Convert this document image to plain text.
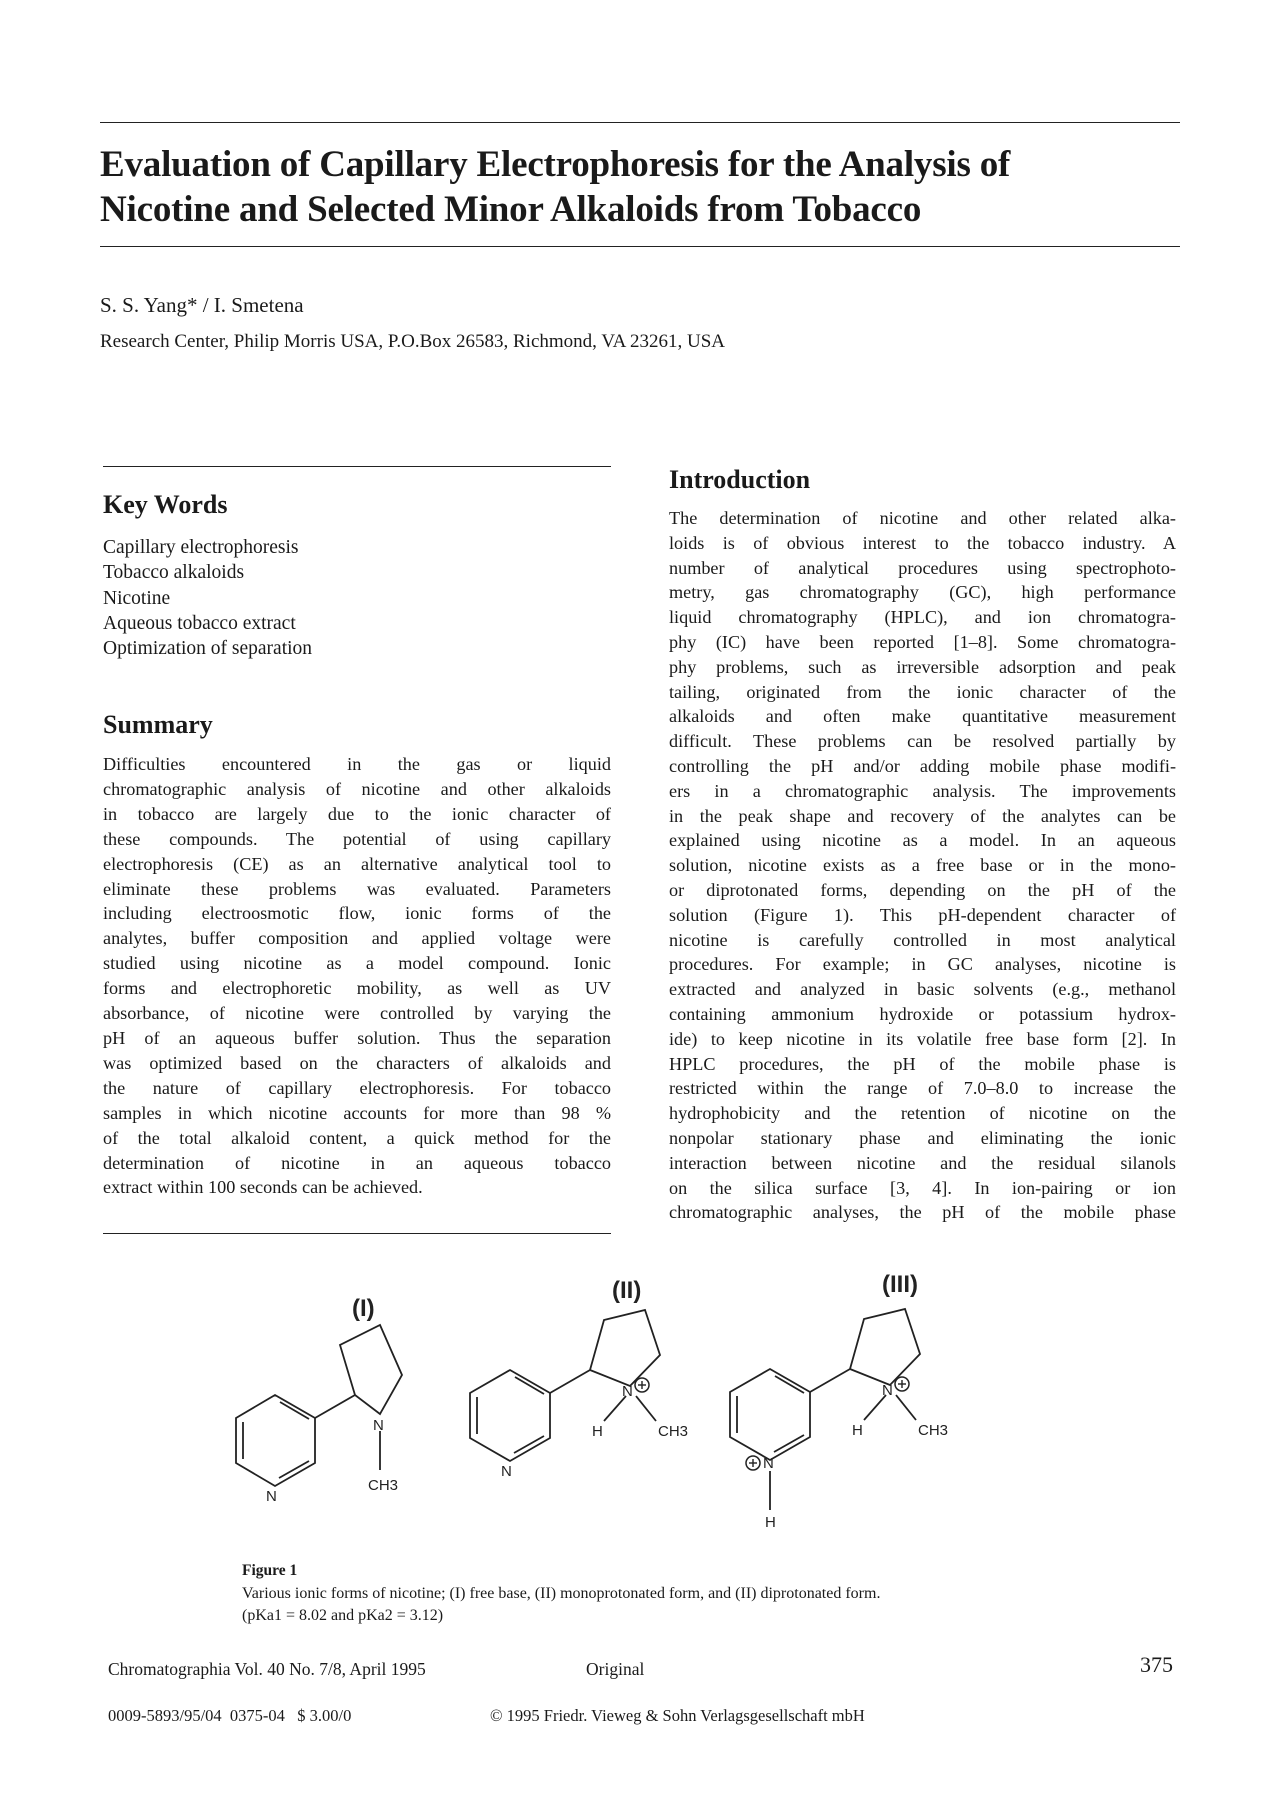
Evaluation of Capillary Electrophoresis for the Analysis of
Nicotine and Selected Minor Alkaloids from Tobacco
S. S. Yang* / I. Smetena
Research Center, Philip Morris USA, P.O.Box 26583, Richmond, VA 23261, USA
Key Words
Capillary electrophoresis
Tobacco alkaloids
Nicotine
Aqueous tobacco extract
Optimization of separation
Summary
Difficulties encountered in the gas or liquid
chromatographic analysis of nicotine and other alkaloids
in tobacco are largely due to the ionic character of
these compounds. The potential of using capillary
electrophoresis (CE) as an alternative analytical tool to
eliminate these problems was evaluated. Parameters
including electroosmotic flow, ionic forms of the
analytes, buffer composition and applied voltage were
studied using nicotine as a model compound. Ionic
forms and electrophoretic mobility, as well as UV
absorbance, of nicotine were controlled by varying the
pH of an aqueous buffer solution. Thus the separation
was optimized based on the characters of alkaloids and
the nature of capillary electrophoresis. For tobacco
samples in which nicotine accounts for more than 98 %
of the total alkaloid content, a quick method for the
determination of nicotine in an aqueous tobacco
extract within 100 seconds can be achieved.
Introduction
The determination of nicotine and other related alka-
loids is of obvious interest to the tobacco industry. A
number of analytical procedures using spectrophoto-
metry, gas chromatography (GC), high performance
liquid chromatography (HPLC), and ion chromatogra-
phy (IC) have been reported [1–8]. Some chromatogra-
phy problems, such as irreversible adsorption and peak
tailing, originated from the ionic character of the
alkaloids and often make quantitative measurement
difficult. These problems can be resolved partially by
controlling the pH and/or adding mobile phase modifi-
ers in a chromatographic analysis. The improvements
in the peak shape and recovery of the analytes can be
explained using nicotine as a model. In an aqueous
solution, nicotine exists as a free base or in the mono-
or diprotonated forms, depending on the pH of the
solution (Figure 1). This pH-dependent character of
nicotine is carefully controlled in most analytical
procedures. For example; in GC analyses, nicotine is
extracted and analyzed in basic solvents (e.g., methanol
containing ammonium hydroxide or potassium hydrox-
ide) to keep nicotine in its volatile free base form [2]. In
HPLC procedures, the pH of the mobile phase is
restricted within the range of 7.0–8.0 to increase the
hydrophobicity and the retention of nicotine on the
nonpolar stationary phase and eliminating the ionic
interaction between nicotine and the residual silanols
on the silica surface [3, 4]. In ion-pairing or ion
chromatographic analyses, the pH of the mobile phase
(I)
(II)	(III)
N
N
CH3
N
N
H	CH3
N
N
H	CH3
H
Figure 1
Various ionic forms of nicotine; (I) free base, (II) monoprotonated form, and (II) diprotonated form.
(pKa1 = 8.02 and pKa2 = 3.12)
Chromatographia Vol. 40 No. 7/8, April 1995	Original	375
0009-5893/95/04  0375-04   $ 3.00/0	© 1995 Friedr. Vieweg & Sohn Verlagsgesellschaft mbH
